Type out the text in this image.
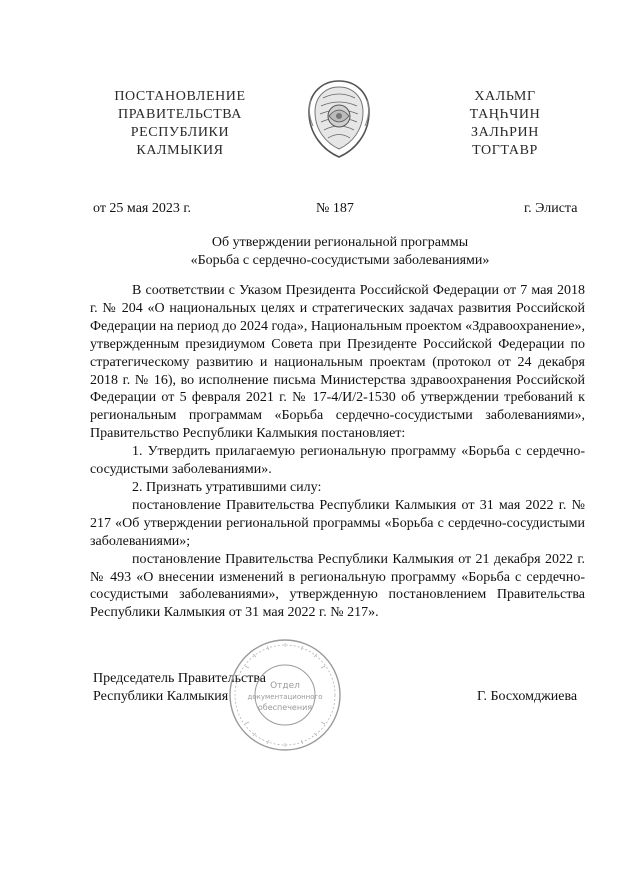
ПОСТАНОВЛЕНИЕ
ПРАВИТЕЛЬСТВА
РЕСПУБЛИКИ
КАЛМЫКИЯ
ХАЛЬМГ
ТАҢҺЧИН
ЗАЛҺРИН
ТОГТАВР
от 25 мая 2023 г.	№ 187	г. Элиста
Об утверждении региональной программы
«Борьба с сердечно-сосудистыми заболеваниями»

В соответствии с Указом Президента Российской Федерации от 7 мая 2018 г. № 204 «О национальных целях и стратегических задачах развития Российской Федерации на период до 2024 года», Национальным проектом «Здравоохранение», утвержденным президиумом Совета при Президенте Российской Федерации по стратегическому развитию и национальным проектам (протокол от 24 декабря 2018 г. № 16), во исполнение письма Министерства здравоохранения Российской Федерации от 5 февраля 2021 г. № 17-4/И/2-1530 об утверждении требований к региональным программам «Борьба сердечно-сосудистыми заболеваниями», Правительство Республики Калмыкия постановляет:

1. Утвердить прилагаемую региональную программу «Борьба с сердечно-сосудистыми заболеваниями».

2. Признать утратившими силу:

постановление Правительства Республики Калмыкия от 31 мая 2022 г. № 217 «Об утверждении региональной программы «Борьба с сердечно-сосудистыми заболеваниями»;

постановление Правительства Республики Калмыкия от 21 декабря 2022 г. № 493 «О внесении изменений в региональную программу «Борьба с сердечно-сосудистыми заболеваниями», утвержденную постановлением Правительства Республики Калмыкия от 31 мая 2022 г. № 217».

Председатель Правительства
Республики Калмыкия	Г. Босхомджиева
Отдел
документационного
обеспечения
